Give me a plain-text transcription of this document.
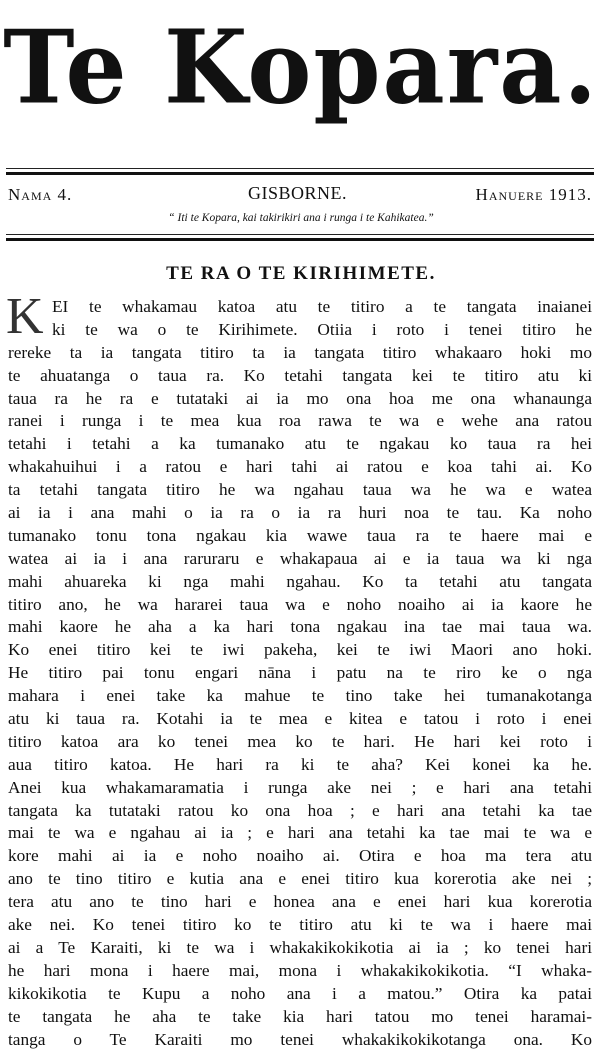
Te Kopara.
Nama 4.	GISBORNE.	Hanuere 1913.
“ Iti te Kopara, kai takirikiri ana i runga i te Kahikatea.”
TE RA O TE KIRIHIMETE.
K EI te whakamau katoa atu te titiro a te tangata inaianei
ki te wa o te Kirihimete. Otiia i roto i tenei titiro he
rereke ta ia tangata titiro ta ia tangata titiro whakaaro hoki mo
te ahuatanga o taua ra. Ko tetahi tangata kei te titiro atu ki
taua ra he ra e tutataki ai ia mo ona hoa me ona whanaunga
ranei i runga i te mea kua roa rawa te wa e wehe ana ratou
tetahi i tetahi a ka tumanako atu te ngakau ko taua ra hei
whakahuihui i a ratou e hari tahi ai ratou e koa tahi ai. Ko
ta tetahi tangata titiro he wa ngahau taua wa he wa e watea
ai ia i ana mahi o ia ra o ia ra huri noa te tau. Ka noho
tumanako tonu tona ngakau kia wawe taua ra te haere mai e
watea ai ia i ana raruraru e whakapaua ai e ia taua wa ki nga
mahi ahuareka ki nga mahi ngahau. Ko ta tetahi atu tangata
titiro ano, he wa hararei taua wa e noho noaiho ai ia kaore he
mahi kaore he aha a ka hari tona ngakau ina tae mai taua wa.
Ko enei titiro kei te iwi pakeha, kei te iwi Maori ano hoki.
He titiro pai tonu engari nāna i patu na te riro ke o nga
mahara i enei take ka mahue te tino take hei tumanakotanga
atu ki taua ra. Kotahi ia te mea e kitea e tatou i roto i enei
titiro katoa ara ko tenei mea ko te hari. He hari kei roto i
aua titiro katoa. He hari ra ki te aha? Kei konei ka he.
Anei kua whakamaramatia i runga ake nei ; e hari ana tetahi
tangata ka tutataki ratou ko ona hoa ; e hari ana tetahi ka tae
mai te wa e ngahau ai ia ; e hari ana tetahi ka tae mai te wa e
kore mahi ai ia e noho noaiho ai. Otira e hoa ma tera atu
ano te tino titiro e kutia ana e enei titiro kua korerotia ake nei ;
tera atu ano te tino hari e honea ana e enei hari kua korerotia
ake nei. Ko tenei titiro ko te titiro atu ki te wa i haere mai
ai a Te Karaiti, ki te wa i whakakikokikotia ai ia ; ko tenei hari
he hari mona i haere mai, mona i whakakikokikotia. “I whaka-
kikokikotia te Kupu a noho ana i a matou.” Otira ka patai
te tangata he aha te take kia hari tatou mo tenei haramai-
tanga o Te Karaiti mo tenei whakakikokikotanga ona. Ko
